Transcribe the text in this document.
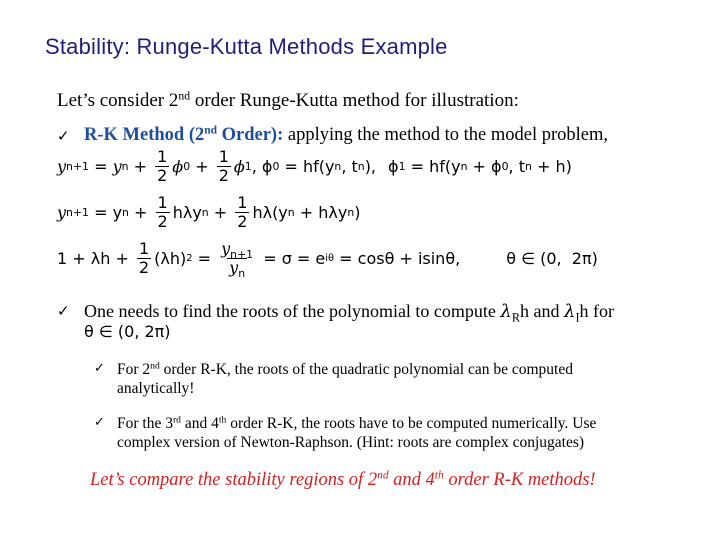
Stability: Runge-Kutta Methods Example
Let’s consider 2nd order Runge-Kutta method for illustration:
✓ R-K Method (2nd Order): applying the method to the model problem,
y n+1 = y $n + \frac{1}{2}$ ϕ $0 + \frac{1}{2}$ ϕ 1 , ϕ 0 = hf(y n , t n ), ϕ 1 = hf(y n + ϕ 0 , t n + h)
y n+1 = y $n + \frac{1}{2}$ hλy $n + \frac{1}{2} h\lambda(y$ n + hλy n )
$1 + \lambda h + \frac{1}{2} (\lambda h) 2 = \frac{y_{n+1}}{y_n} = \sigma = e$ iθ = cosθ + isinθ,	θ ∈ (0,  2π)
✓ One needs to find the roots of the polynomial to compute $\lambda_Rh$ and $\lambda_Ih$ for
θ ∈ (0, 2π)
✓ For 2nd order R-K, the roots of the quadratic polynomial can be computed
analytically!
✓ For the 3rd and 4th order R-K, the roots have to be computed numerically. Use
complex version of Newton-Raphson. (Hint: roots are complex conjugates)
Let’s compare the stability regions of 2nd and 4th order R-K methods!
